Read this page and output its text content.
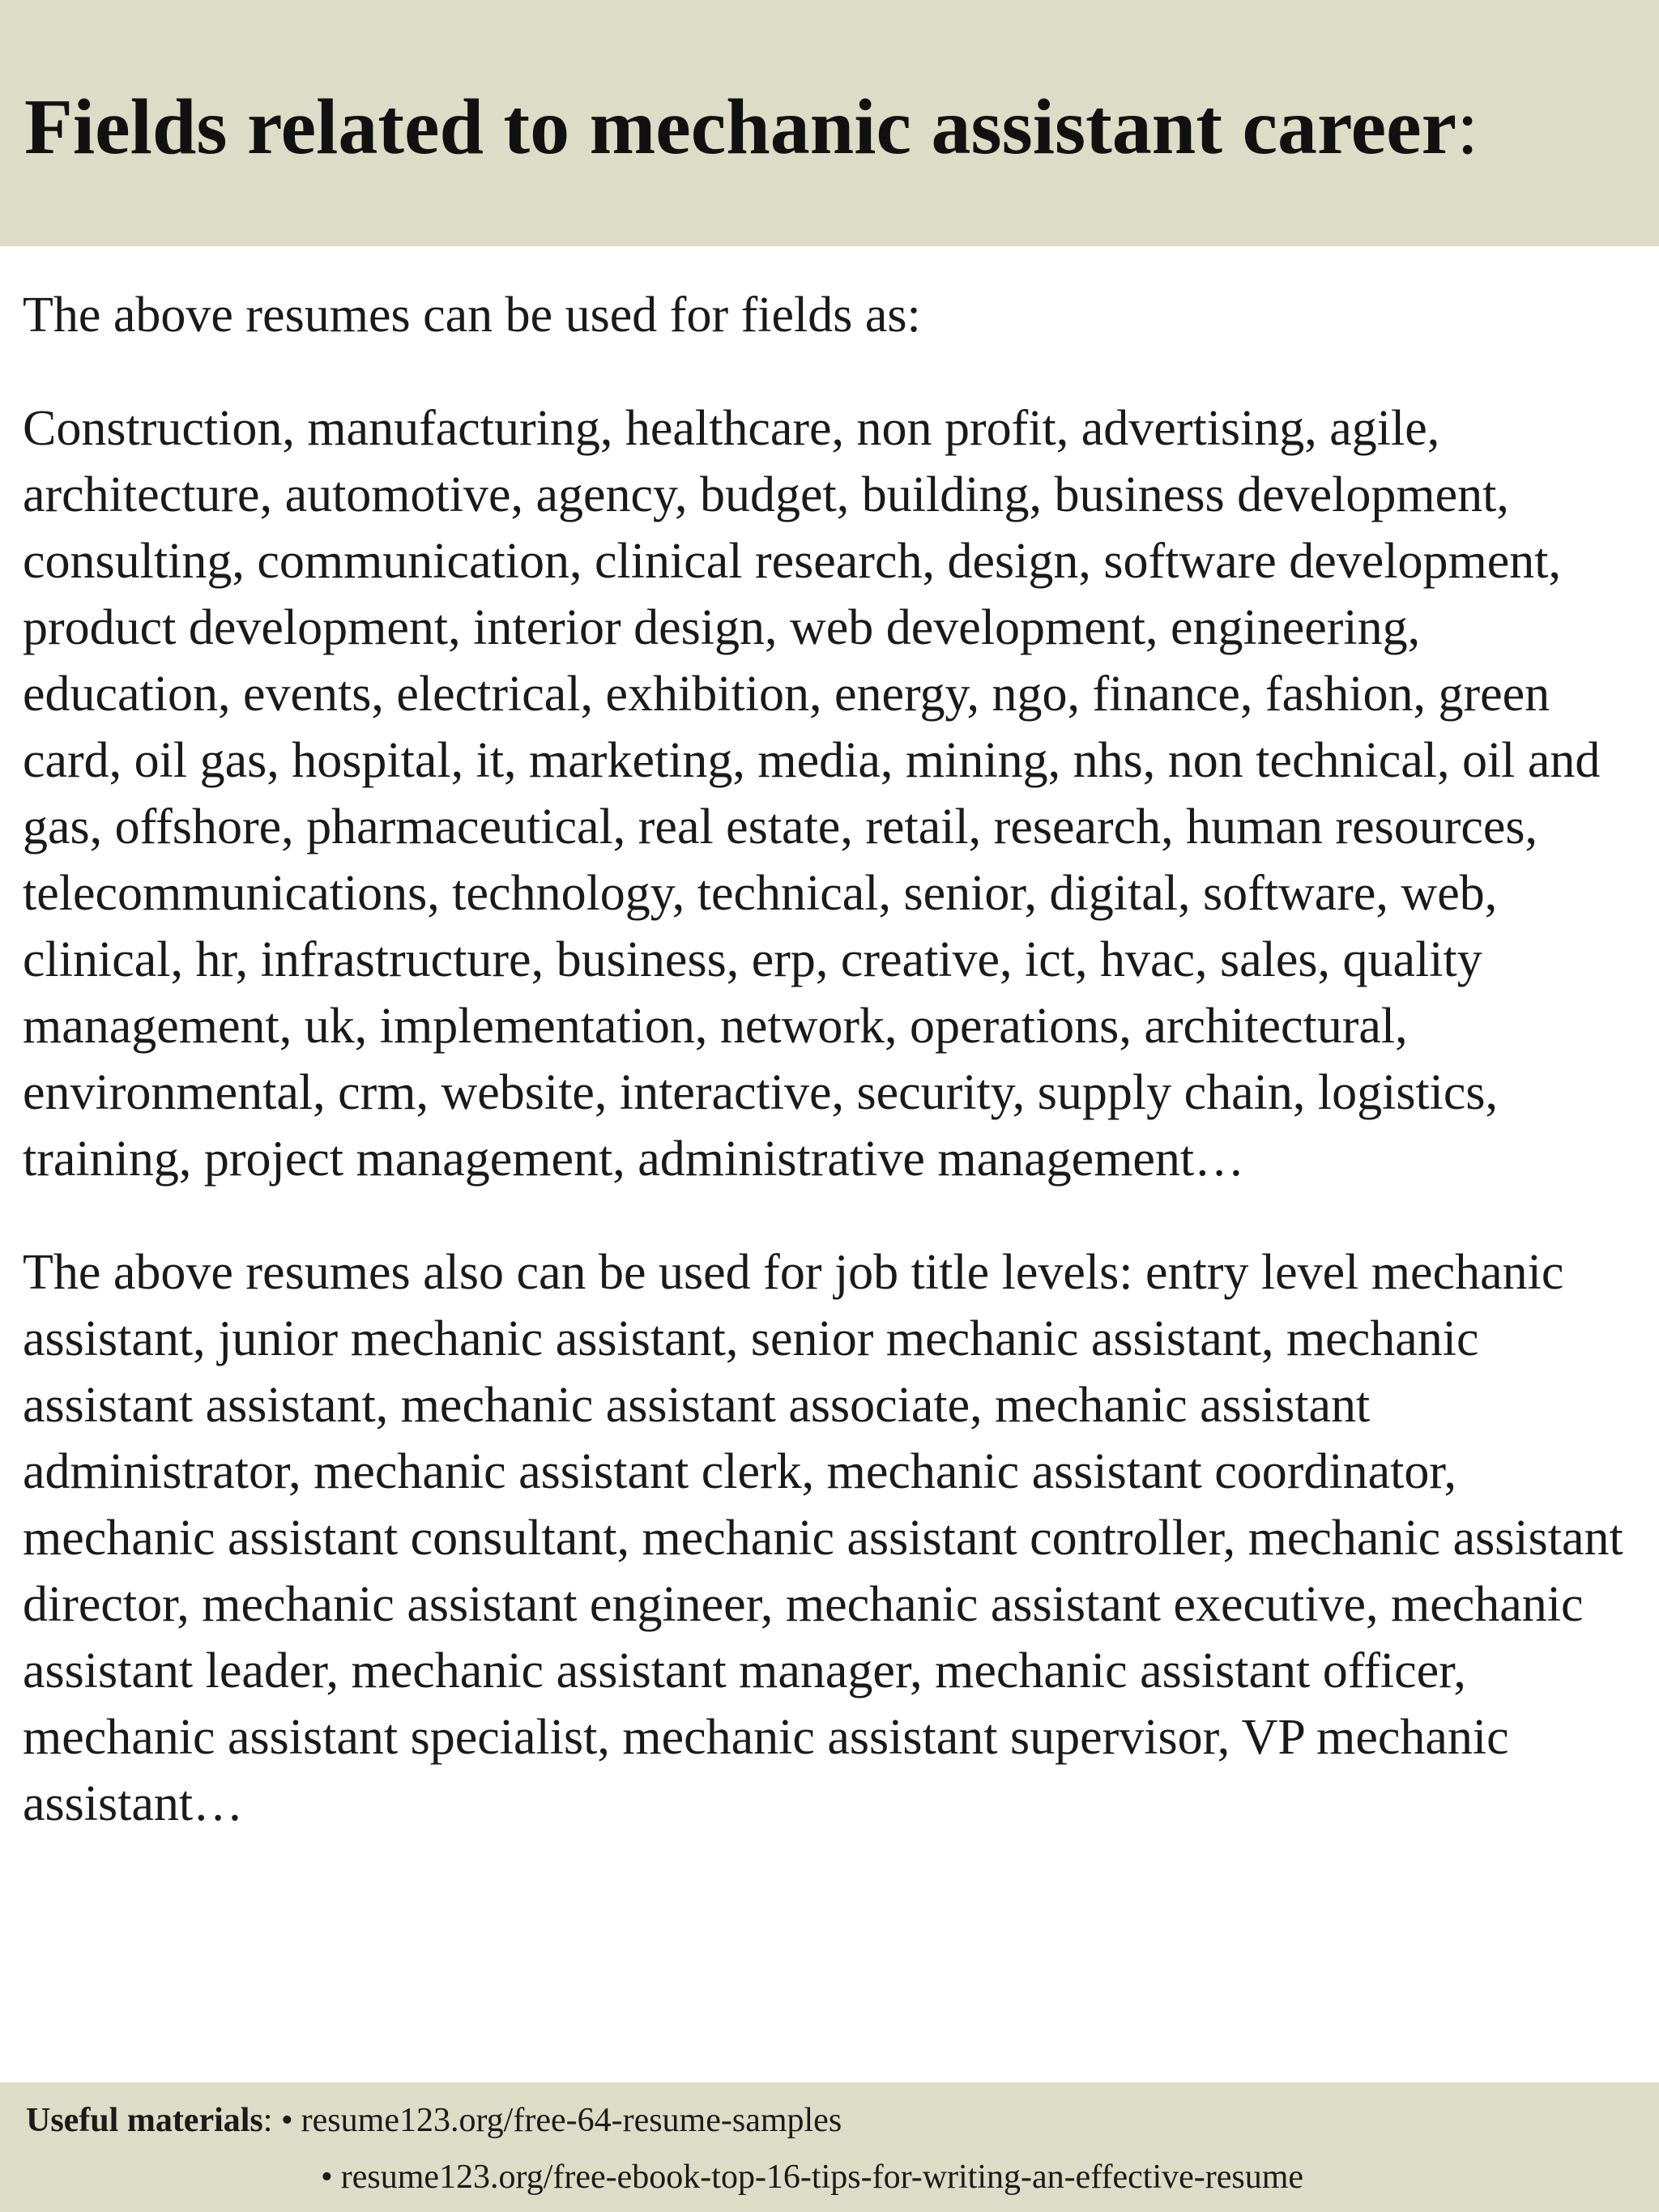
Fields related to mechanic assistant career:

The above resumes can be used for fields as:

Construction, manufacturing, healthcare, non profit, advertising, agile, architecture, automotive, agency, budget, building, business development, consulting, communication, clinical research, design, software development, product development, interior design, web development, engineering, education, events, electrical, exhibition, energy, ngo, finance, fashion, green card, oil gas, hospital, it, marketing, media, mining, nhs, non technical, oil and gas, offshore, pharmaceutical, real estate, retail, research, human resources, telecommunications, technology, technical, senior, digital, software, web, clinical, hr, infrastructure, business, erp, creative, ict, hvac, sales, quality management, uk, implementation, network, operations, architectural, environmental, crm, website, interactive, security, supply chain, logistics, training, project management, administrative management…

The above resumes also can be used for job title levels: entry level mechanic assistant, junior mechanic assistant, senior mechanic assistant, mechanic assistant assistant, mechanic assistant associate, mechanic assistant administrator, mechanic assistant clerk, mechanic assistant coordinator, mechanic assistant consultant, mechanic assistant controller, mechanic assistant director, mechanic assistant engineer, mechanic assistant executive, mechanic assistant leader, mechanic assistant manager, mechanic assistant officer, mechanic assistant specialist, mechanic assistant supervisor, VP mechanic assistant…

Useful materials: • resume123.org/free-64-resume-samples
• resume123.org/free-ebook-top-16-tips-for-writing-an-effective-resume
